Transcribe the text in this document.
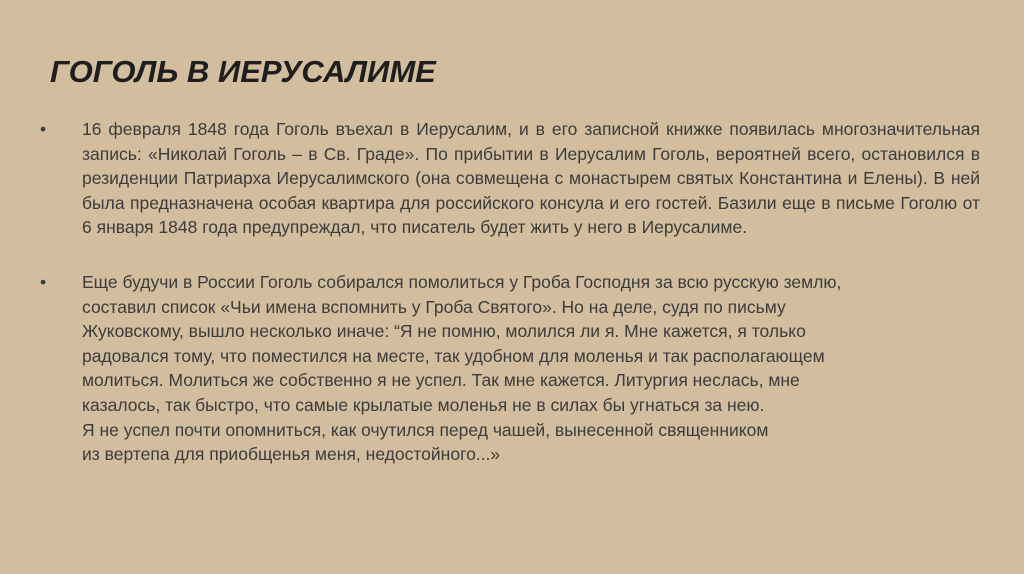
ГОГОЛЬ В ИЕРУСАЛИМЕ
•	16 февраля 1848 года Гоголь въехал в Иерусалим, и в его записной книжке появилась многозначительная запись: «Николай Гоголь – в Св. Граде». По прибытии в Иерусалим Гоголь, вероятней всего, остановился в резиденции Патриарха Иерусалимского (она совмещена с монастырем святых Константина и Елены). В ней была предназначена особая квартира для российского консула и его гостей. Базили еще в письме Гоголю от 6 января 1848 года предупреждал, что писатель будет жить у него в Иерусалиме.
•	Еще будучи в России Гоголь собирался помолиться у Гроба Господня за всю русскую землю,
составил список «Чьи имена вспомнить у Гроба Святого». Но на деле, судя по письму
Жуковскому, вышло несколько иначе: “Я не помню, молился ли я. Мне кажется, я только
радовался тому, что поместился на месте, так удобном для моленья и так располагающем
молиться. Молиться же собственно я не успел. Так мне кажется. Литургия неслась, мне
казалось, так быстро, что самые крылатые моленья не в силах бы угнаться за нею.
Я не успел почти опомниться, как очутился перед чашей, вынесенной священником
из вертепа для приобщенья меня, недостойного...»
